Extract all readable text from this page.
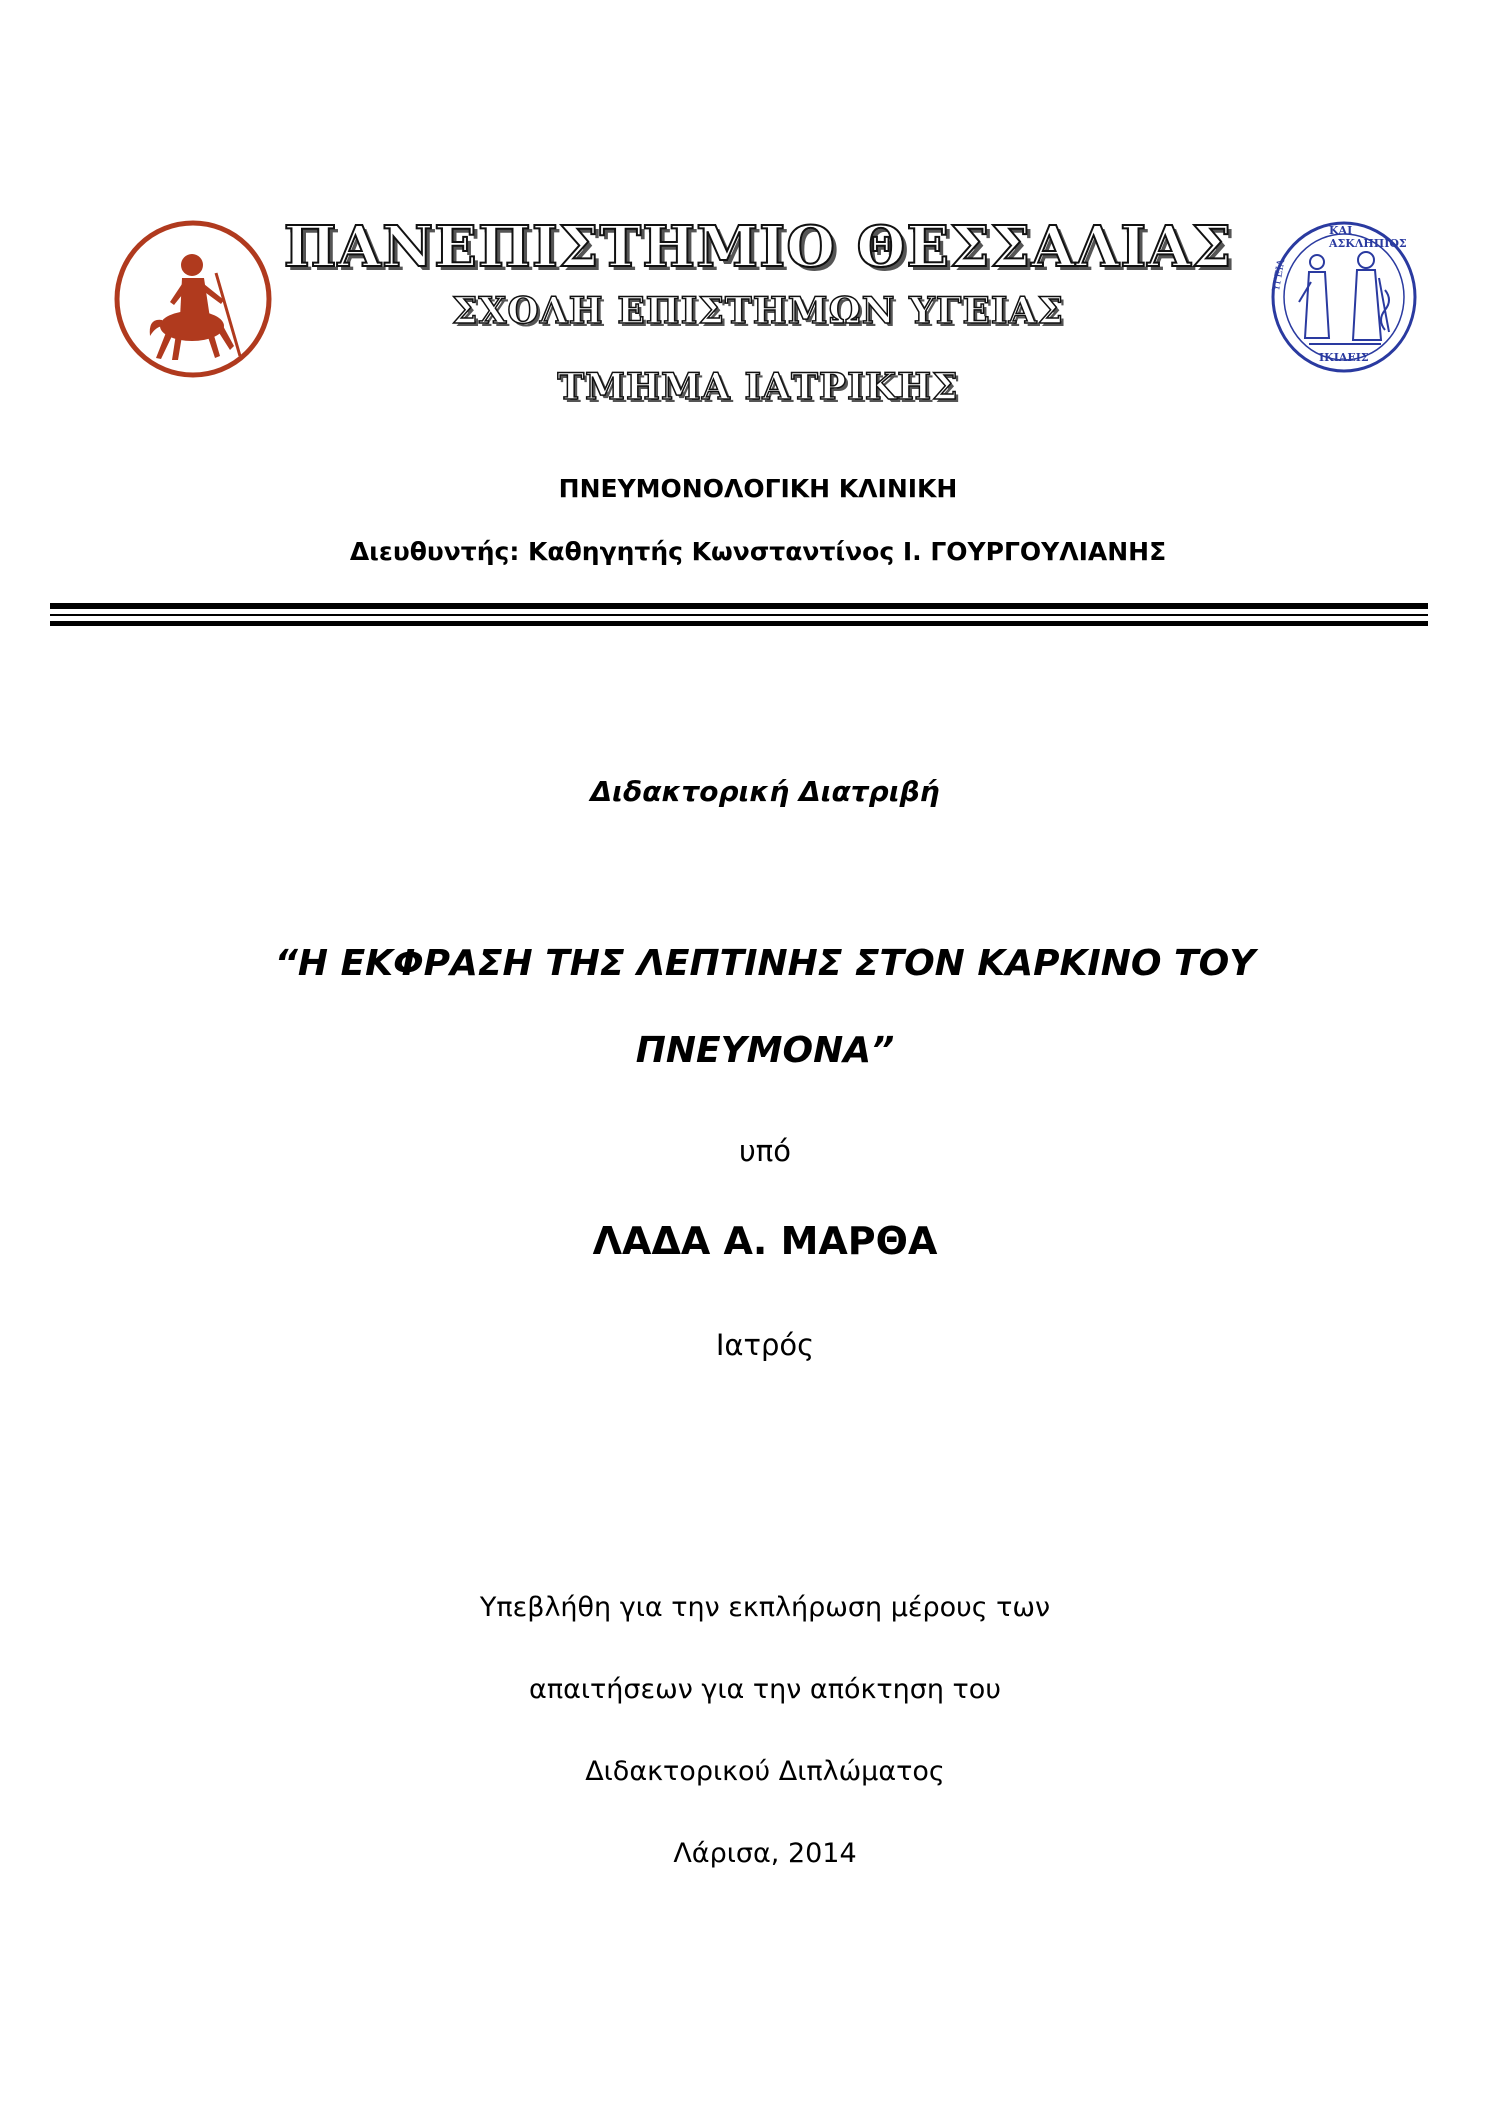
ΚΑΙ ΑΣΚΛΗΠΙΟΣ
ΥΓΕΙΑ
ΙΚΙΑΕΙΣ
ΠΑΝΕΠΙΣΤΗΜΙΟ ΘΕΣΣΑΛΙΑΣ
ΣΧΟΛΗ ΕΠΙΣΤΗΜΩΝ ΥΓΕΙΑΣ
ΤΜΗΜΑ ΙΑΤΡΙΚΗΣ
ΠΝΕΥΜΟΝΟΛΟΓΙΚΗ ΚΛΙΝΙΚΗ
Διευθυντής: Καθηγητής Κωνσταντίνος Ι. ΓΟΥΡΓΟΥΛΙΑΝΗΣ
Διδακτορική Διατριβή
“Η ΕΚΦΡΑΣΗ ΤΗΣ ΛΕΠΤΙΝΗΣ ΣΤΟΝ ΚΑΡΚΙΝΟ ΤΟΥ
ΠΝΕΥΜΟΝΑ”
υπό
ΛΑΔΑ Α. ΜΑΡΘΑ
Ιατρός
Υπεβλήθη για την εκπλήρωση μέρους των
απαιτήσεων για την απόκτηση του
Διδακτορικού Διπλώματος
Λάρισα, 2014
